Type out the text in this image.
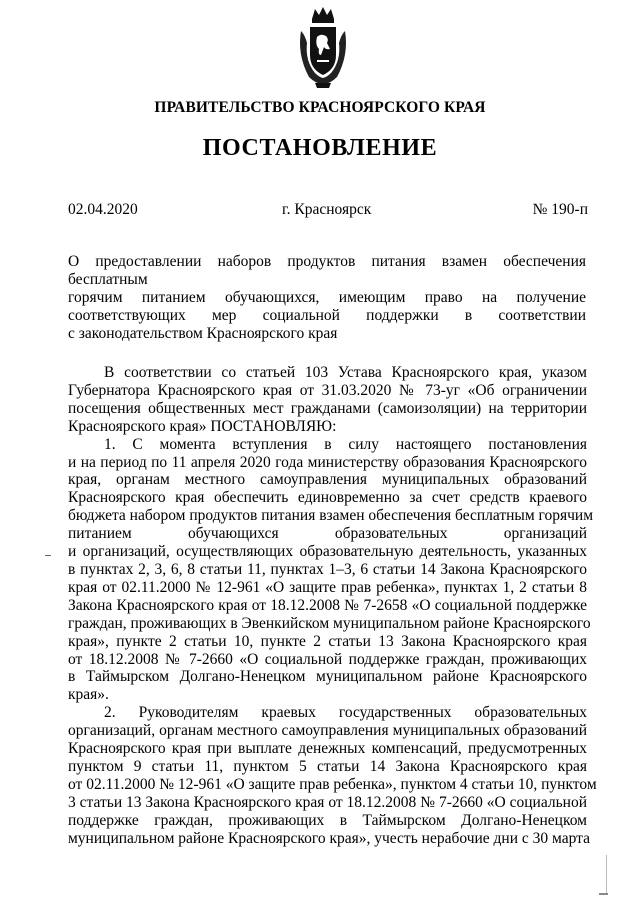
ПРАВИТЕЛЬСТВО КРАСНОЯРСКОГО КРАЯ
ПОСТАНОВЛЕНИЕ
02.04.2020	г. Красноярск	№ 190-п
О предоставлении наборов продуктов питания взамен обеспечения бесплатным
горячим питанием обучающихся, имеющим право на получение
соответствующих мер социальной поддержки в соответствии
с законодательством Красноярского края
В соответствии со статьей 103 Устава Красноярского края, указом
Губернатора Красноярского края от 31.03.2020 № 73-уг «Об ограничении
посещения общественных мест гражданами (самоизоляции) на территории
Красноярского края» ПОСТАНОВЛЯЮ:
1. С момента вступления в силу настоящего постановления
и на период по 11 апреля 2020 года министерству образования Красноярского
края, органам местного самоуправления муниципальных образований
Красноярского края обеспечить единовременно за счет средств краевого
бюджета набором продуктов питания взамен обеспечения бесплатным горячим
питанием обучающихся образовательных организаций
и организаций, осуществляющих образовательную деятельность, указанных
в пунктах 2, 3, 6, 8 статьи 11, пунктах 1–3, 6 статьи 14 Закона Красноярского
края от 02.11.2000 № 12-961 «О защите прав ребенка», пунктах 1, 2 статьи 8
Закона Красноярского края от 18.12.2008 № 7-2658 «О социальной поддержке
граждан, проживающих в Эвенкийском муниципальном районе Красноярского
края», пункте 2 статьи 10, пункте 2 статьи 13 Закона Красноярского края
от 18.12.2008 № 7-2660 «О социальной поддержке граждан, проживающих
в Таймырском Долгано-Ненецком муниципальном районе Красноярского
края».
2. Руководителям краевых государственных образовательных
организаций, органам местного самоуправления муниципальных образований
Красноярского края при выплате денежных компенсаций, предусмотренных
пунктом 9 статьи 11, пунктом 5 статьи 14 Закона Красноярского края
от 02.11.2000 № 12-961 «О защите прав ребенка», пунктом 4 статьи 10, пунктом
3 статьи 13 Закона Красноярского края от 18.12.2008 № 7-2660 «О социальной
поддержке граждан, проживающих в Таймырском Долгано-Ненецком
муниципальном районе Красноярского края», учесть нерабочие дни с 30 марта
